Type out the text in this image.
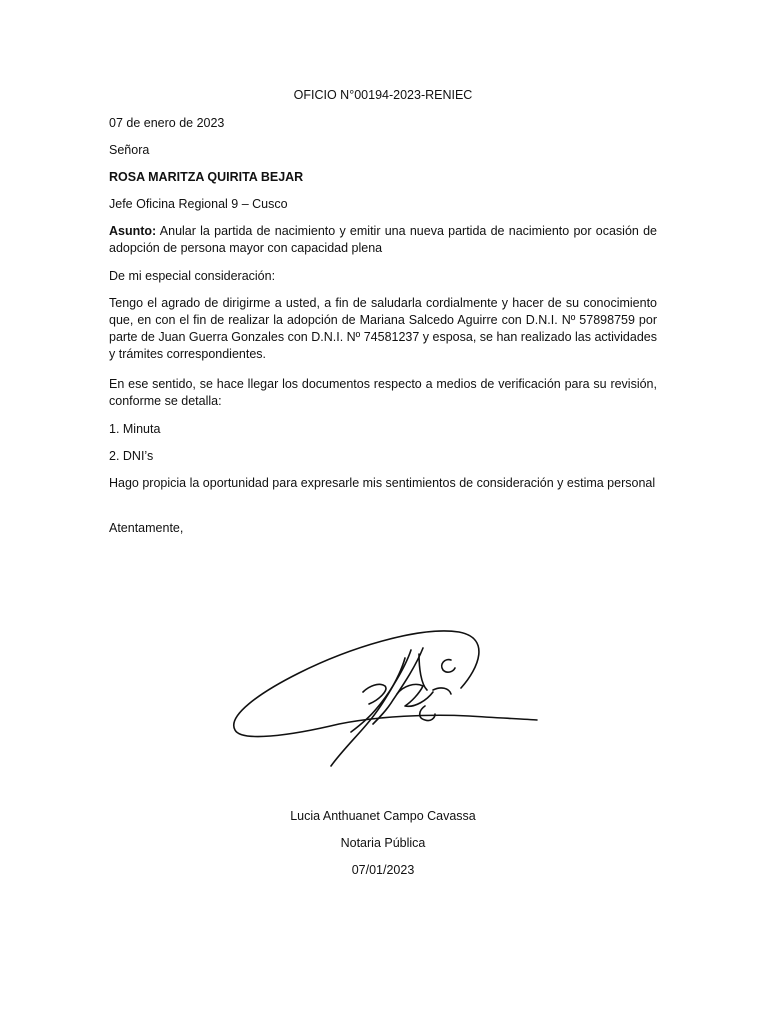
OFICIO N°00194-2023-RENIEC

07 de enero de 2023

Señora

ROSA MARITZA QUIRITA BEJAR

Jefe Oficina Regional 9 – Cusco

Asunto: Anular la partida de nacimiento y emitir una nueva partida de nacimiento por ocasión de adopción de persona mayor con capacidad plena

De mi especial consideración:

Tengo el agrado de dirigirme a usted, a fin de saludarla cordialmente y hacer de su conocimiento que, en con el fin de realizar la adopción de Mariana Salcedo Aguirre con D.N.I. Nº 57898759 por parte de Juan Guerra Gonzales con D.N.I. Nº 74581237 y esposa, se han realizado las actividades y trámites correspondientes.

En ese sentido, se hace llegar los documentos respecto a medios de verificación para su revisión, conforme se detalla:

1. Minuta

2. DNI’s

Hago propicia la oportunidad para expresarle mis sentimientos de consideración y estima personal

Atentamente,

Lucia Anthuanet Campo Cavassa

Notaria Pública

07/01/2023
